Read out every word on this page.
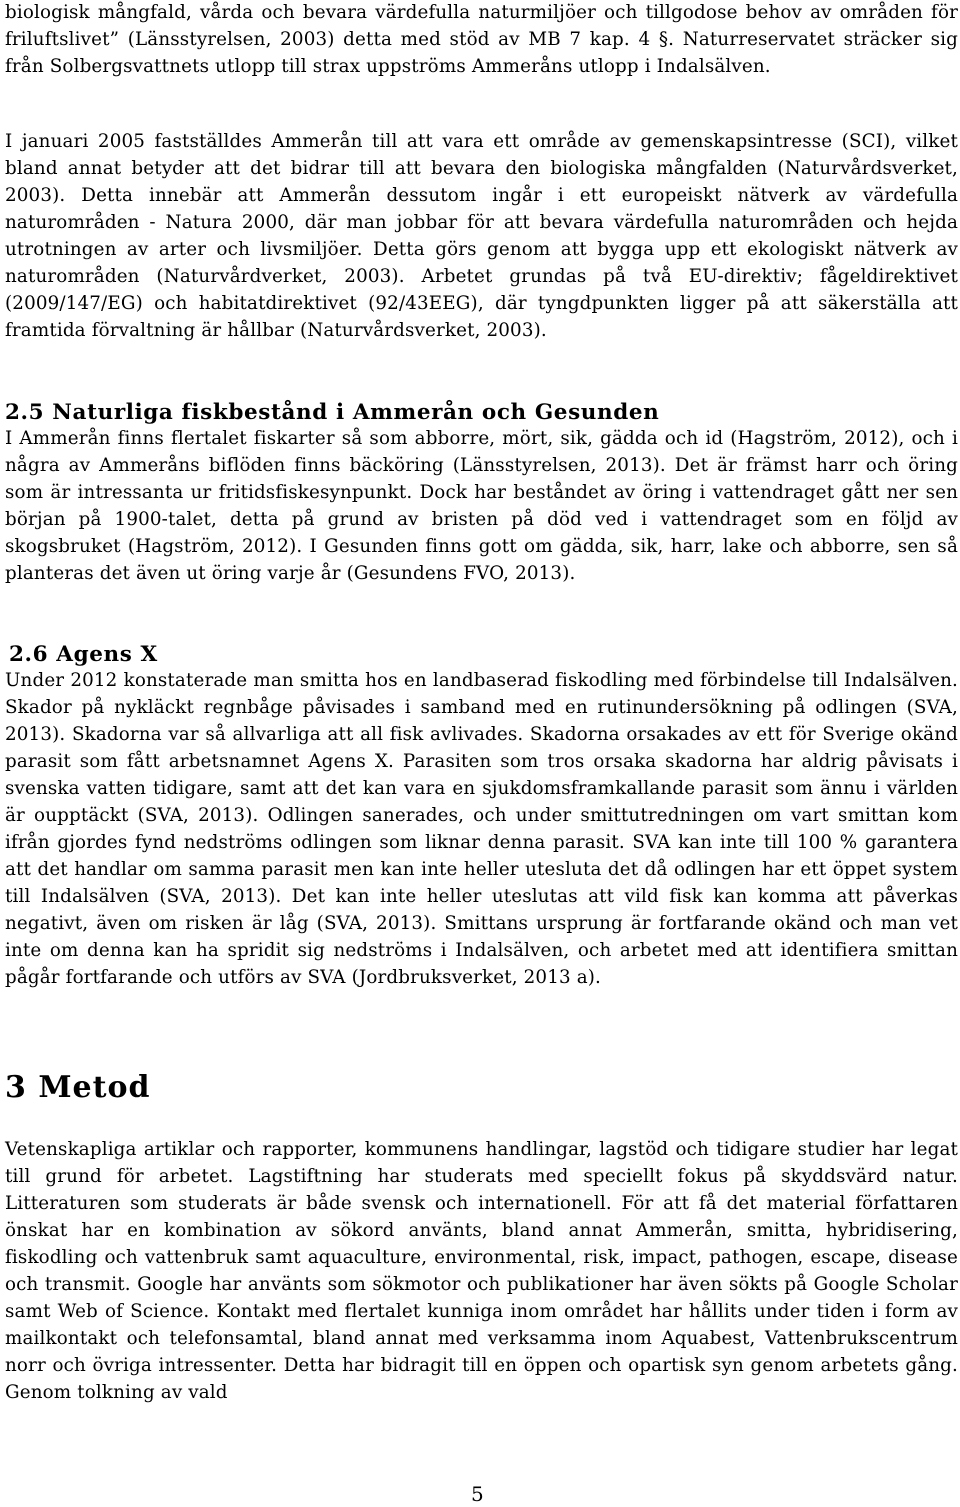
biologisk mångfald, vårda och bevara värdefulla naturmiljöer och tillgodose behov av områden för friluftslivet” (Länsstyrelsen, 2003) detta med stöd av MB 7 kap. 4 §. Naturreservatet sträcker sig från Solbergsvattnets utlopp till strax uppströms Ammeråns utlopp i Indalsälven.

I januari 2005 fastställdes Ammerån till att vara ett område av gemenskapsintresse (SCI), vilket bland annat betyder att det bidrar till att bevara den biologiska mångfalden (Naturvårdsverket, 2003). Detta innebär att Ammerån dessutom ingår i ett europeiskt nätverk av värdefulla naturområden - Natura 2000, där man jobbar för att bevara värdefulla naturområden och hejda utrotningen av arter och livsmiljöer. Detta görs genom att bygga upp ett ekologiskt nätverk av naturområden (Naturvårdverket, 2003). Arbetet grundas på två EU-direktiv; fågeldirektivet (2009/147/EG) och habitatdirektivet (92/43EEG), där tyngdpunkten ligger på att säkerställa att framtida förvaltning är hållbar (Naturvårdsverket, 2003).

2.5 Naturliga fiskbestånd i Ammerån och Gesunden

I Ammerån finns flertalet fiskarter så som abborre, mört, sik, gädda och id (Hagström, 2012), och i några av Ammeråns biflöden finns bäcköring (Länsstyrelsen, 2013). Det är främst harr och öring som är intressanta ur fritidsfiskesynpunkt. Dock har beståndet av öring i vattendraget gått ner sen början på 1900-talet, detta på grund av bristen på död ved i vattendraget som en följd av skogsbruket (Hagström, 2012). I Gesunden finns gott om gädda, sik, harr, lake och abborre, sen så planteras det även ut öring varje år (Gesundens FVO, 2013).

2.6 Agens X

Under 2012 konstaterade man smitta hos en landbaserad fiskodling med förbindelse till Indalsälven. Skador på nykläckt regnbåge påvisades i samband med en rutinundersökning på odlingen (SVA, 2013). Skadorna var så allvarliga att all fisk avlivades. Skadorna orsakades av ett för Sverige okänd parasit som fått arbetsnamnet Agens X. Parasiten som tros orsaka skadorna har aldrig påvisats i svenska vatten tidigare, samt att det kan vara en sjukdomsframkallande parasit som ännu i världen är oupptäckt (SVA, 2013). Odlingen sanerades, och under smittutredningen om vart smittan kom ifrån gjordes fynd nedströms odlingen som liknar denna parasit. SVA kan inte till 100 % garantera att det handlar om samma parasit men kan inte heller utesluta det då odlingen har ett öppet system till Indalsälven (SVA, 2013). Det kan inte heller uteslutas att vild fisk kan komma att påverkas negativt, även om risken är låg (SVA, 2013). Smittans ursprung är fortfarande okänd och man vet inte om denna kan ha spridit sig nedströms i Indalsälven, och arbetet med att identifiera smittan pågår fortfarande och utförs av SVA (Jordbruksverket, 2013 a).

3 Metod

Vetenskapliga artiklar och rapporter, kommunens handlingar, lagstöd och tidigare studier har legat till grund för arbetet. Lagstiftning har studerats med speciellt fokus på skyddsvärd natur. Litteraturen som studerats är både svensk och internationell. För att få det material författaren önskat har en kombination av sökord använts, bland annat Ammerån, smitta, hybridisering, fiskodling och vattenbruk samt aquaculture, environmental, risk, impact, pathogen, escape, disease och transmit. Google har använts som sökmotor och publikationer har även sökts på Google Scholar samt Web of Science. Kontakt med flertalet kunniga inom området har hållits under tiden i form av mailkontakt och telefonsamtal, bland annat med verksamma inom Aquabest, Vattenbrukscentrum norr och övriga intressenter. Detta har bidragit till en öppen och opartisk syn genom arbetets gång. Genom tolkning av vald

5
